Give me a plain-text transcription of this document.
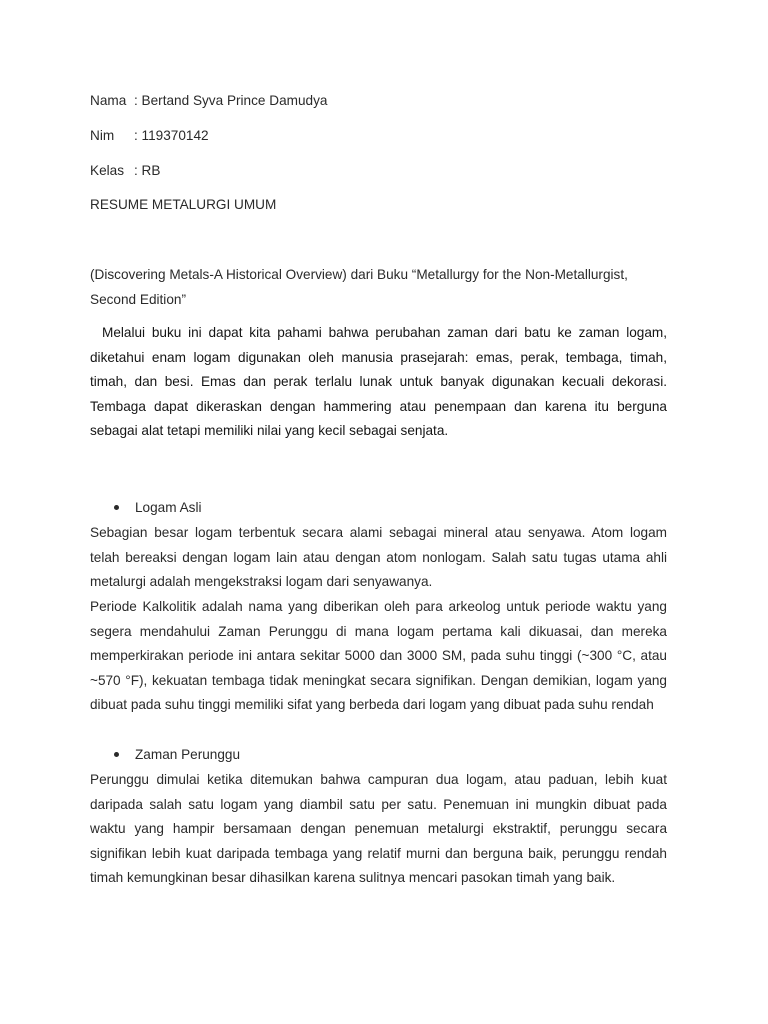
Nama : Bertand Syva Prince Damudya
Nim : 119370142
Kelas : RB
RESUME METALURGI UMUM
(Discovering Metals-A Historical Overview) dari Buku “Metallurgy for the Non-Metallurgist,
Second Edition”

Melalui buku ini dapat kita pahami bahwa perubahan zaman dari batu ke zaman logam, diketahui enam logam digunakan oleh manusia prasejarah: emas, perak, tembaga, timah, timah, dan besi. Emas dan perak terlalu lunak untuk banyak digunakan kecuali dekorasi. Tembaga dapat dikeraskan dengan hammering atau penempaan dan karena itu berguna sebagai alat tetapi memiliki nilai yang kecil sebagai senjata.

Logam Asli

Sebagian besar logam terbentuk secara alami sebagai mineral atau senyawa. Atom logam telah bereaksi dengan logam lain atau dengan atom nonlogam. Salah satu tugas utama ahli metalurgi adalah mengekstraksi logam dari senyawanya.

Periode Kalkolitik adalah nama yang diberikan oleh para arkeolog untuk periode waktu yang segera mendahului Zaman Perunggu di mana logam pertama kali dikuasai, dan mereka memperkirakan periode ini antara sekitar 5000 dan 3000 SM, pada suhu tinggi (~300 °C, atau ~570 °F), kekuatan tembaga tidak meningkat secara signifikan. Dengan demikian, logam yang dibuat pada suhu tinggi memiliki sifat yang berbeda dari logam yang dibuat pada suhu rendah

Zaman Perunggu

Perunggu dimulai ketika ditemukan bahwa campuran dua logam, atau paduan, lebih kuat daripada salah satu logam yang diambil satu per satu. Penemuan ini mungkin dibuat pada waktu yang hampir bersamaan dengan penemuan metalurgi ekstraktif, perunggu secara signifikan lebih kuat daripada tembaga yang relatif murni dan berguna baik, perunggu rendah timah kemungkinan besar dihasilkan karena sulitnya mencari pasokan timah yang baik.
